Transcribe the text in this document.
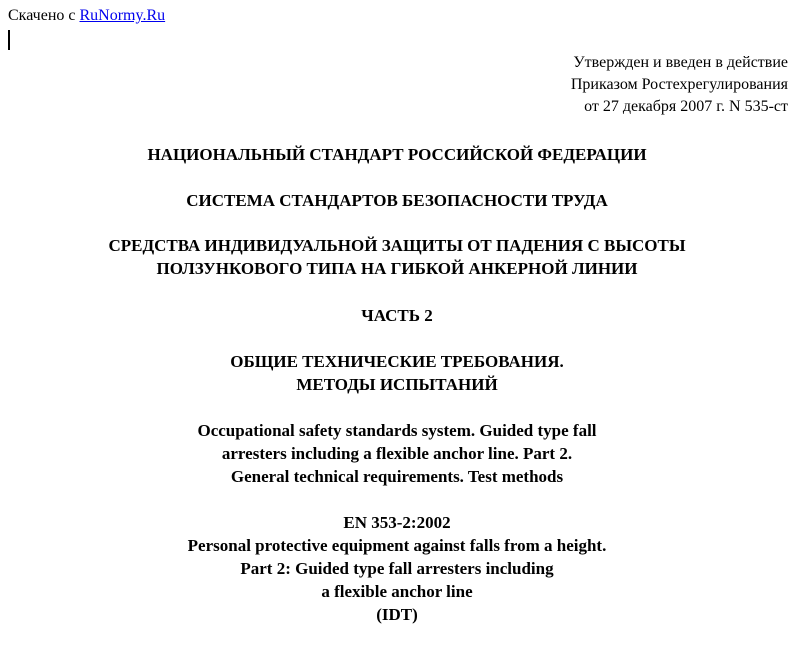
Скачено с RuNormy.Ru
Утвержден и введен в действие
Приказом Ростехрегулирования
от 27 декабря 2007 г. N 535-ст
НАЦИОНАЛЬНЫЙ СТАНДАРТ РОССИЙСКОЙ ФЕДЕРАЦИИ
СИСТЕМА СТАНДАРТОВ БЕЗОПАСНОСТИ ТРУДА
СРЕДСТВА ИНДИВИДУАЛЬНОЙ ЗАЩИТЫ ОТ ПАДЕНИЯ С ВЫСОТЫ
ПОЛЗУНКОВОГО ТИПА НА ГИБКОЙ АНКЕРНОЙ ЛИНИИ
ЧАСТЬ 2
ОБЩИЕ ТЕХНИЧЕСКИЕ ТРЕБОВАНИЯ.
МЕТОДЫ ИСПЫТАНИЙ
Occupational safety standards system. Guided type fall
arresters including a flexible anchor line. Part 2.
General technical requirements. Test methods
EN 353-2:2002
Personal protective equipment against falls from a height.
Part 2: Guided type fall arresters including
a flexible anchor line
(IDT)
